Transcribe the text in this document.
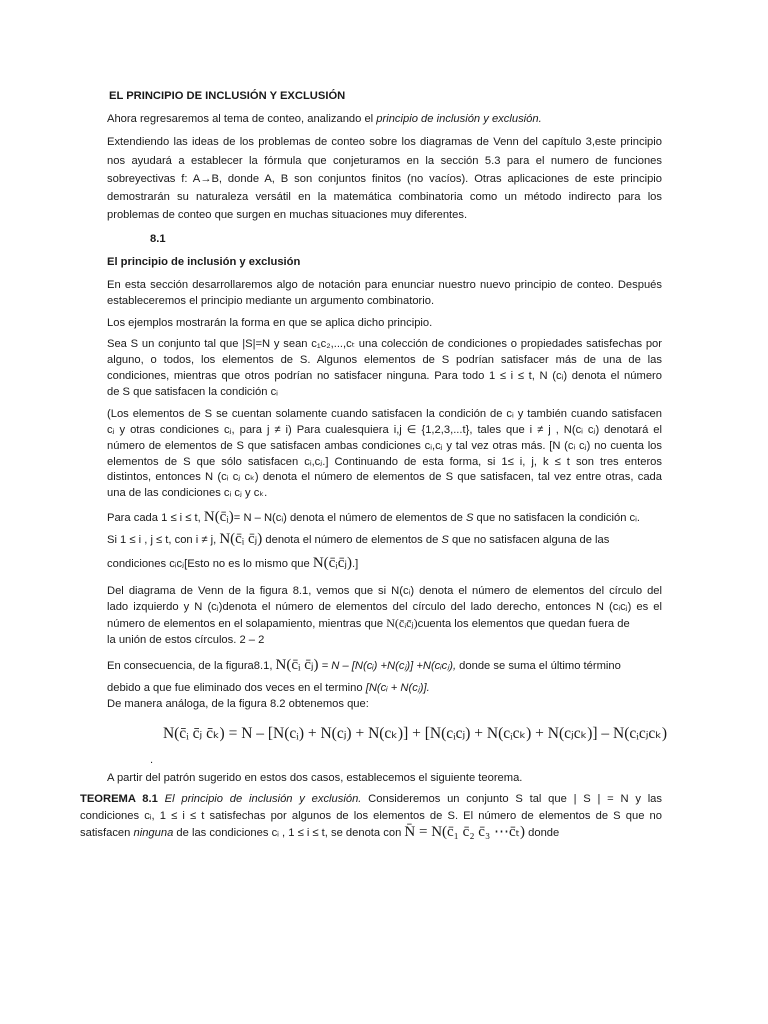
EL PRINCIPIO DE INCLUSIÓN Y EXCLUSIÓN
Ahora regresaremos al tema de conteo, analizando el principio de inclusión y exclusión.
Extendiendo las ideas de los problemas de conteo sobre los diagramas de Venn del capítulo 3,este principio
nos ayudará a establecer la fórmula que conjeturamos en la sección 5.3 para el numero de funciones
sobreyectivas f: A→B, donde A, B son conjuntos finitos (no vacíos). Otras aplicaciones de este principio
demostrarán su naturaleza versátil en la matemática combinatoria como un método indirecto para los
problemas de conteo que surgen en muchas situaciones muy diferentes.
8.1
El principio de inclusión y exclusión
En esta sección desarrollaremos algo de notación para enunciar nuestro nuevo principio de conteo. Después
estableceremos el principio mediante un argumento combinatorio.
Los ejemplos mostrarán la forma en que se aplica dicho principio.
Sea S un conjunto tal que |S|=N y sean c₁c₂,...,cₜ una colección de condiciones o propiedades satisfechas por
alguno, o todos, los elementos de S. Algunos elementos de S podrían satisfacer más de una de las
condiciones, mientras que otros podrían no satisfacer ninguna. Para todo 1 ≤ i ≤ t, N (cᵢ) denota el número
de S que satisfacen la condición cᵢ
(Los elementos de S se cuentan solamente cuando satisfacen la condición de cᵢ y también cuando satisfacen
cⱼ y otras condiciones cⱼ, para j ≠ i) Para cualesquiera i,j ∈ {1,2,3,...t}, tales que i ≠ j , N(cᵢ cⱼ) denotará el
número de elementos de S que satisfacen ambas condiciones cᵢ,cⱼ y tal vez otras más. [N (cᵢ cⱼ) no cuenta los
elementos de S que sólo satisfacen cᵢ,cⱼ.] Continuando de esta forma, si 1≤ i, j, k ≤ t son tres enteros
distintos, entonces N (cᵢ cⱼ cₖ) denota el número de elementos de S que satisfacen, tal vez entre otras, cada
una de las condiciones cᵢ cⱼ y cₖ.
Para cada 1 ≤ i ≤ t, N(c̄ᵢ)= N – N(cᵢ) denota el número de elementos de S que no satisfacen la condición cᵢ.
Si 1 ≤ i , j ≤ t, con i ≠ j, N(c̄ᵢ c̄ⱼ) denota el número de elementos de S que no satisfacen alguna de las
condiciones cᵢcⱼ[Esto no es lo mismo que N(c̄ᵢc̄ⱼ).]
Del diagrama de Venn de la figura 8.1, vemos que si N(cᵢ) denota el número de elementos del círculo del
lado izquierdo y N (cⱼ)denota el número de elementos del círculo del lado derecho, entonces N (cᵢcⱼ) es el
número de elementos en el solapamiento, mientras que N(c̄ᵢc̄ⱼ)cuenta los elementos que quedan fuera de
la unión de estos círculos. 2 – 2
En consecuencia, de la figura8.1, N(c̄ᵢ c̄ⱼ) = N – [N(cᵢ) +N(cⱼ)] +N(cᵢcⱼ), donde se suma el último término
debido a que fue eliminado dos veces en el termino [N(cᵢ + N(cⱼ)].
De manera análoga, de la figura 8.2 obtenemos que:
N(c̄ᵢ c̄ⱼ c̄ₖ) = N – [N(cᵢ) + N(cⱼ) + N(cₖ)] + [N(cᵢcⱼ) + N(cᵢcₖ) + N(cⱼcₖ)] – N(cᵢcⱼcₖ)
.
A partir del patrón sugerido en estos dos casos, establecemos el siguiente teorema.
TEOREMA 8.1 El principio de inclusión y exclusión. Consideremos un conjunto S tal que | S | = N y las
condiciones cᵢ, 1 ≤ i ≤ t satisfechas por algunos de los elementos de S. El número de elementos de S que no
satisfacen ninguna de las condiciones cᵢ , 1 ≤ i ≤ t, se denota con N̄ = N(c̄₁ c̄₂ c̄₃ ⋯c̄ₜ) donde
